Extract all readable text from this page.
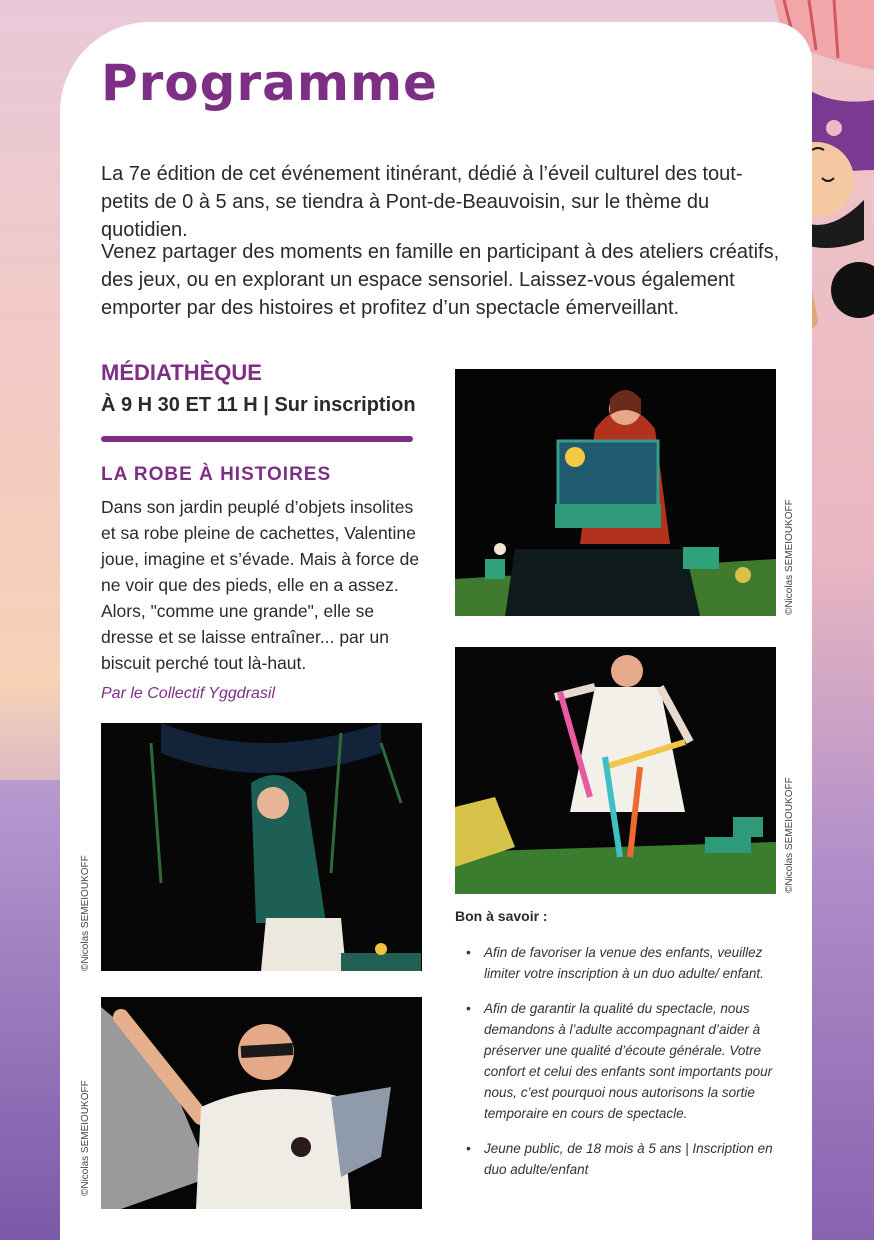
Programme

La 7e édition de cet événement itinérant, dédié à l’éveil culturel des tout-petits de 0 à 5 ans, se tiendra à Pont-de-Beauvoisin, sur le thème du quotidien.

Venez partager des moments en famille en participant à des ateliers créatifs, des jeux, ou en explorant un espace sensoriel. Laissez-vous également emporter par des histoires et profitez d’un spectacle émerveillant.

MÉDIATHÈQUE

À 9 H 30 ET 11 H | Sur inscription

LA ROBE À HISTOIRES

Dans son jardin peuplé d’objets insolites et sa robe pleine de cachettes, Valentine joue, imagine et s’évade. Mais à force de ne voir que des pieds, elle en a assez. Alors, "comme une grande", elle se dresse et se laisse entraîner... par un biscuit perché tout là-haut.

Par le Collectif Yggdrasil

©Nicolas SEMEIOUKOFF
©Nicolas SEMEIOUKOFF
©Nicolas SEMEIOUKOFF
©Nicolas SEMEIOUKOFF

Bon à savoir :

• Afin de favoriser la venue des enfants, veuillez limiter votre inscription à un duo adulte/ enfant.
• Afin de garantir la qualité du spectacle, nous demandons à l’adulte accompagnant d’aider à préserver une qualité d’écoute générale. Votre confort et celui des enfants sont importants pour nous, c’est pourquoi nous autorisons la sortie temporaire en cours de spectacle.
• Jeune public, de 18 mois à 5 ans | Inscription en duo adulte/enfant
